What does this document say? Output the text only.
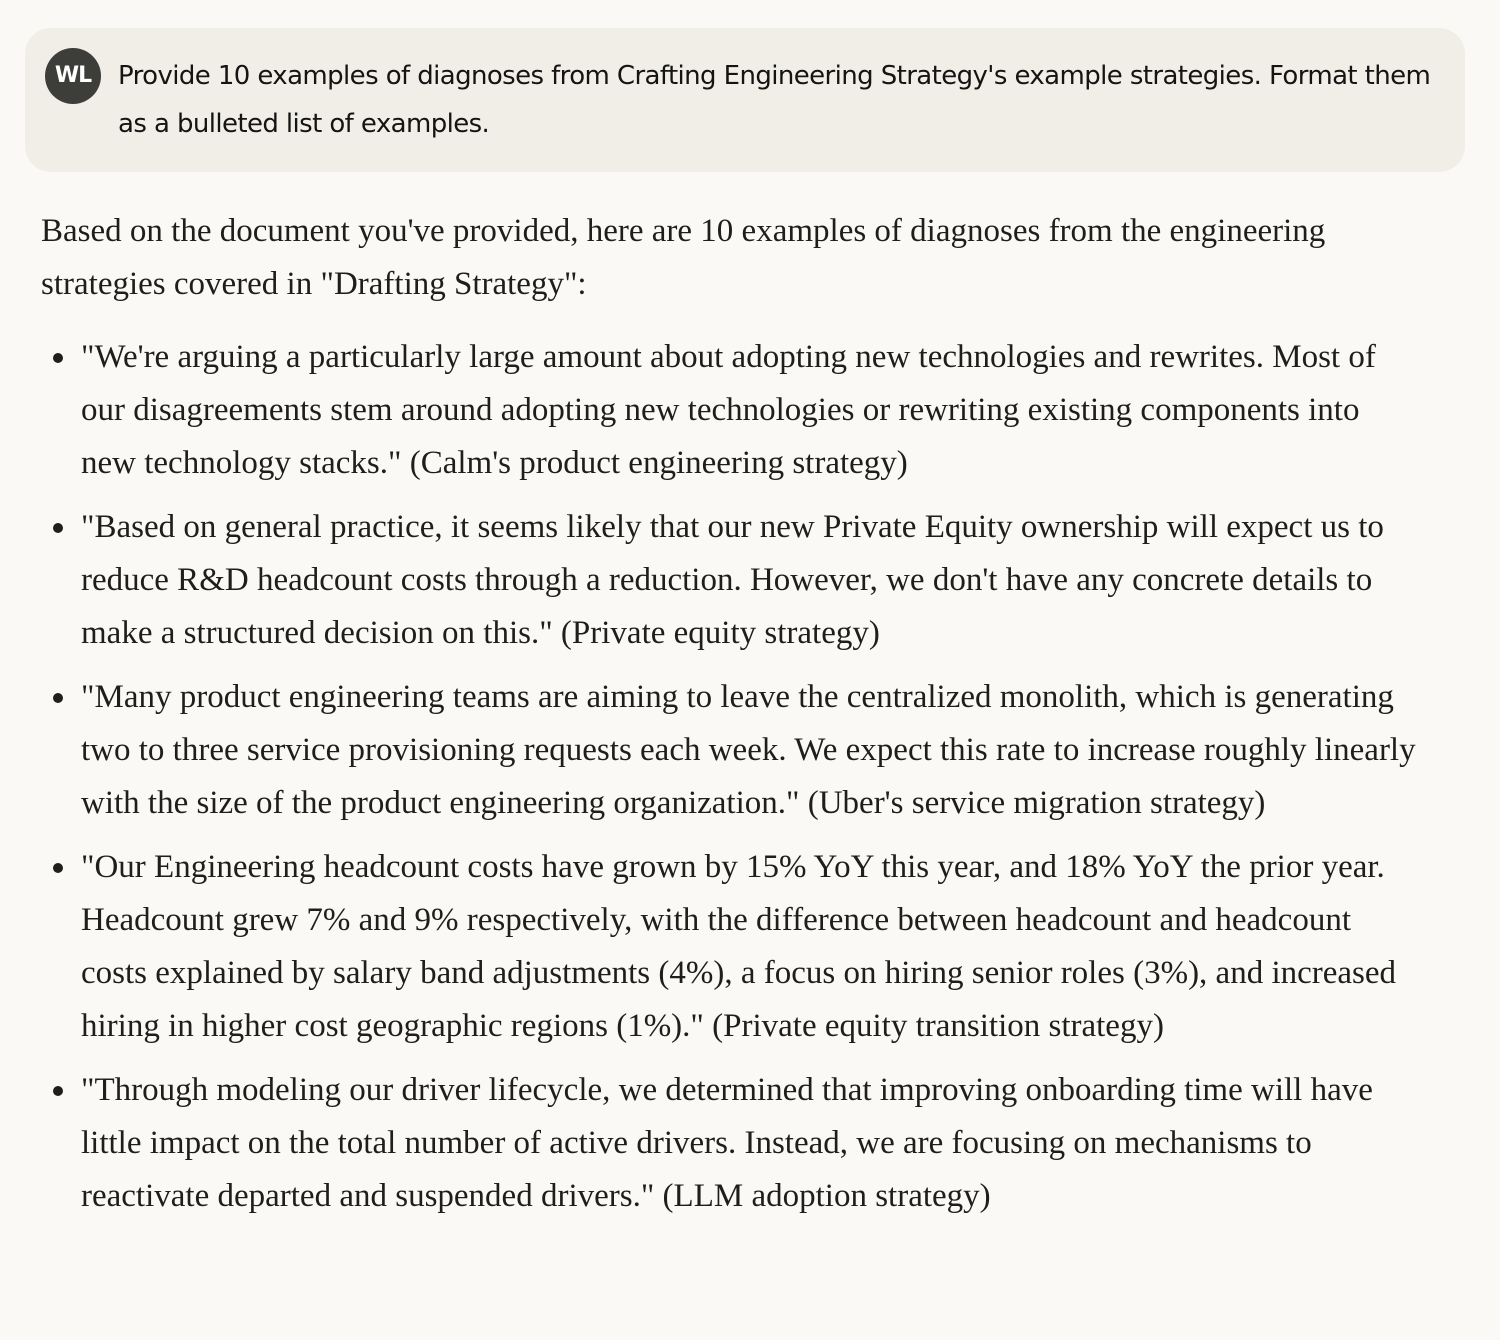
WL	Provide 10 examples of diagnoses from Crafting Engineering Strategy's example strategies. Format them as a bulleted list of examples.

Based on the document you've provided, here are 10 examples of diagnoses from the engineering strategies covered in "Drafting Strategy":

"We're arguing a particularly large amount about adopting new technologies and rewrites. Most of our disagreements stem around adopting new technologies or rewriting existing components into new technology stacks." (Calm's product engineering strategy)
"Based on general practice, it seems likely that our new Private Equity ownership will expect us to reduce R&D headcount costs through a reduction. However, we don't have any concrete details to make a structured decision on this." (Private equity strategy)
"Many product engineering teams are aiming to leave the centralized monolith, which is generating two to three service provisioning requests each week. We expect this rate to increase roughly linearly with the size of the product engineering organization." (Uber's service migration strategy)
"Our Engineering headcount costs have grown by 15% YoY this year, and 18% YoY the prior year. Headcount grew 7% and 9% respectively, with the difference between headcount and headcount costs explained by salary band adjustments (4%), a focus on hiring senior roles (3%), and increased hiring in higher cost geographic regions (1%)." (Private equity transition strategy)
"Through modeling our driver lifecycle, we determined that improving onboarding time will have little impact on the total number of active drivers. Instead, we are focusing on mechanisms to reactivate departed and suspended drivers." (LLM adoption strategy)
